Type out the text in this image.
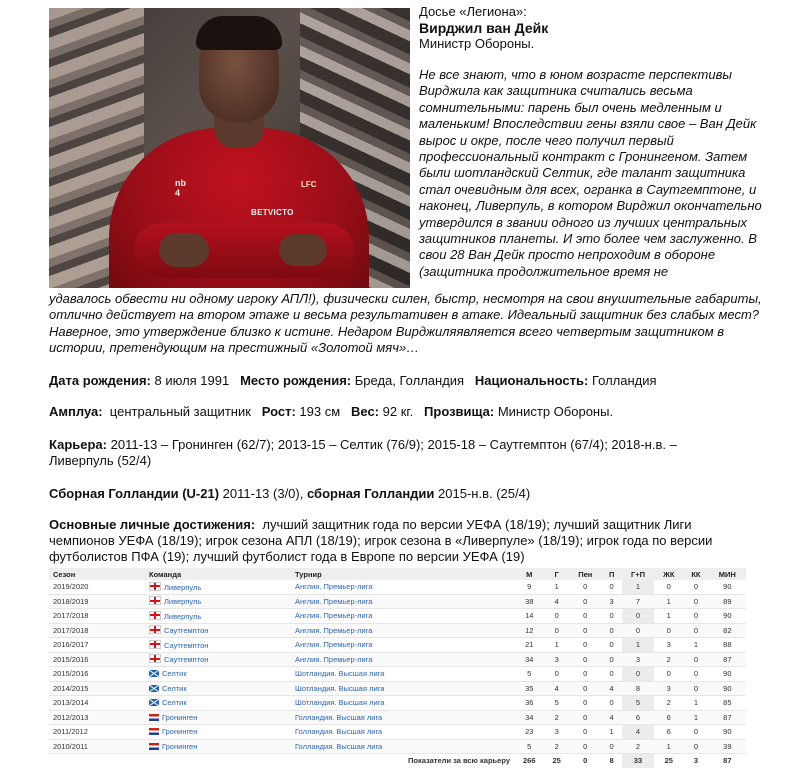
nb
4
LFC
BETVICTO
Досье «Легиона»:
Вирджил ван Дейк
Министр Обороны.
Не все знают, что в юном возрасте перспективы Вирджила как защитника считались весьма сомнительными: парень был очень медленным и маленьким! Впоследствии гены взяли свое – Ван Дейк вырос и окре, после чего получил первый профессиональный контракт с Гронингеном. Затем были шотландский Селтик, где талант защитника стал очевидным для всех, огранка в Саутгемптоне, и наконец, Ливерпуль, в котором Вирджил окончательно утвердился в звании одного из лучших центральных защитников планеты. И это более чем заслуженно. В свои 28 Ван Дейк просто непроходим в обороне (защитника продолжительное время не
удавалось обвести ни одному игроку АПЛ!), физически силен, быстр, несмотря на свои внушительные габариты, отлично действует на втором этаже и весьма результативен в атаке. Идеальный защитник без слабых мест? Наверное, это утверждение близко к истине. Недаром Вирджиляявляется всего четвертым защитником в истории, претендующим на престижный «Золотой мяч»…
Дата рождения: 8 июля 1991 Место рождения: Бреда, Голландия Национальность: Голландия
Амплуа: центральный защитник Рост: 193 см Вес: 92 кг. Прозвища: Министр Обороны.
Карьера: 2011-13 – Гронинген (62/7); 2013-15 – Селтик (76/9); 2015-18 – Саутгемптон (67/4); 2018-н.в. – Ливерпуль (52/4)
Сборная Голландии (U-21) 2011-13 (3/0), сборная Голландии 2015-н.в. (25/4)
Основные личные достижения: лучший защитник года по версии УЕФА (18/19); лучший защитник Лиги чемпионов УЕФА (18/19); игрок сезона АПЛ (18/19); игрок сезона в «Ливерпуле» (18/19); игрок года по версии футболистов ПФА (19); лучший футболист года в Европе по версии УЕФА (19)
Сезон	Команда	Турнир	М	Г	Пен	П	Г+П	ЖК	КК	МИН
2019/2020	Ливерпуль	Англия. Премьер-лига	9	1	0	0	1	0	0	90
2018/2019	Ливерпуль	Англия. Премьер-лига	38	4	0	3	7	1	0	89
2017/2018	Ливерпуль	Англия. Премьер-лига	14	0	0	0	0	1	0	90
2017/2018	Саутгемптон	Англия. Премьер-лига	12	0	0	0	0	0	0	82
2016/2017	Саутгемптон	Англия. Премьер-лига	21	1	0	0	1	3	1	88
2015/2016	Саутгемптон	Англия. Премьер-лига	34	3	0	0	3	2	0	87
2015/2016	Селтик	Шотландия. Высшая лига	5	0	0	0	0	0	0	90
2014/2015	Селтик	Шотландия. Высшая лига	35	4	0	4	8	3	0	90
2013/2014	Селтик	Шотландия. Высшая лига	36	5	0	0	5	2	1	85
2012/2013	Гронинген	Голландия. Высшая лига	34	2	0	4	6	6	1	87
2011/2012	Гронинген	Голландия. Высшая лига	23	3	0	1	4	6	0	90
2010/2011	Гронинген	Голландия. Высшая лига	5	2	0	0	2	1	0	39
Показатели за всю карьеру			266	25	0	8	33	25	3	87
